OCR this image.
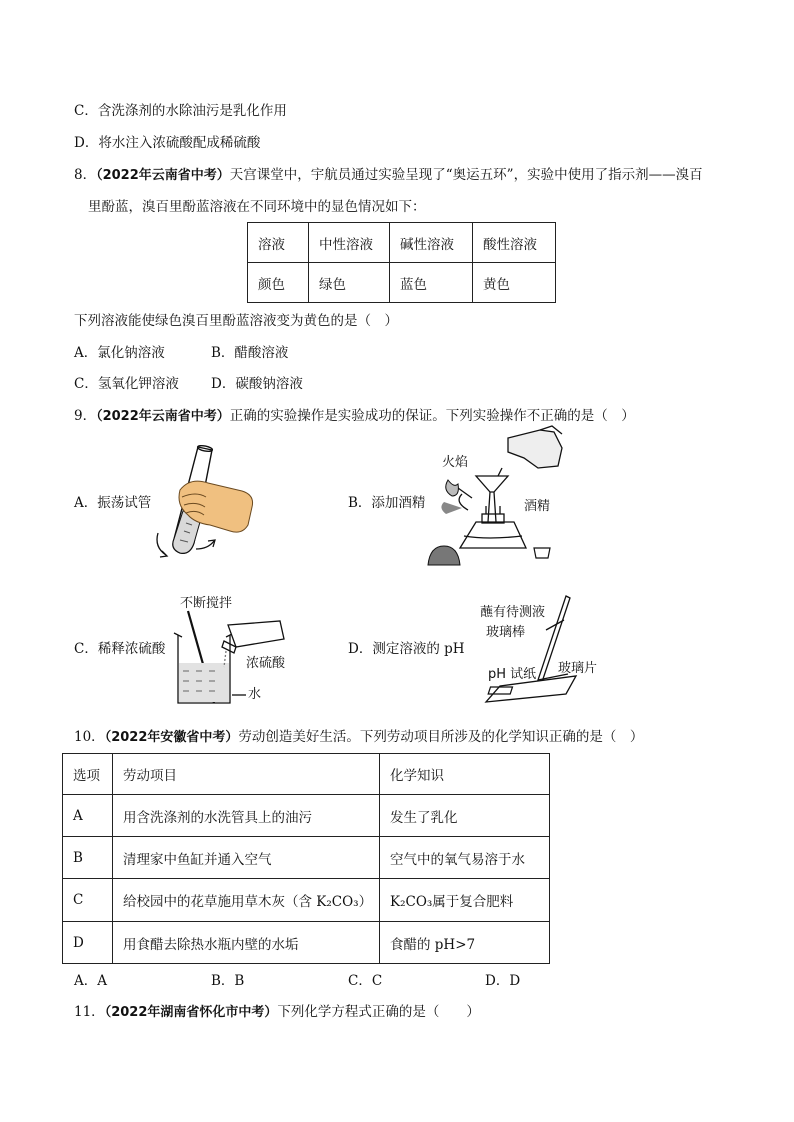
C．含洗涤剂的水除油污是乳化作用
D．将水注入浓硫酸配成稀硫酸
8．（2022年云南省中考）天宫课堂中，宇航员通过实验呈现了“奥运五环”，实验中使用了指示剂——溴百
里酚蓝，溴百里酚蓝溶液在不同环境中的显色情况如下：
溶液	中性溶液	碱性溶液	酸性溶液
颜色	绿色	蓝色	黄色
下列溶液能使绿色溴百里酚蓝溶液变为黄色的是（　）
A．氯化钠溶液	B．醋酸溶液
C．氢氧化钾溶液 D．碳酸钠溶液
9．（2022年云南省中考）正确的实验操作是实验成功的保证。下列实验操作不正确的是（　）
A．振荡试管	B．添加酒精
C．稀释浓硫酸	D．测定溶液的 pH
火焰
酒精
不断搅拌
浓硫酸
水
蘸有待测液
玻璃棒
pH 试纸 玻璃片
10．（2022年安徽省中考）劳动创造美好生活。下列劳动项目所涉及的化学知识正确的是（　）
选项	劳动项目	化学知识
A	用含洗涤剂的水洗管具上的油污	发生了乳化
B	清理家中鱼缸并通入空气	空气中的氧气易溶于水
C	给校园中的花草施用草木灰（含 K₂CO₃）	K₂CO₃属于复合肥料
D	用食醋去除热水瓶内壁的水垢	食醋的 pH>7
A．A	B．B	C．C	D．D
11．（2022年湖南省怀化市中考）下列化学方程式正确的是（　　）
